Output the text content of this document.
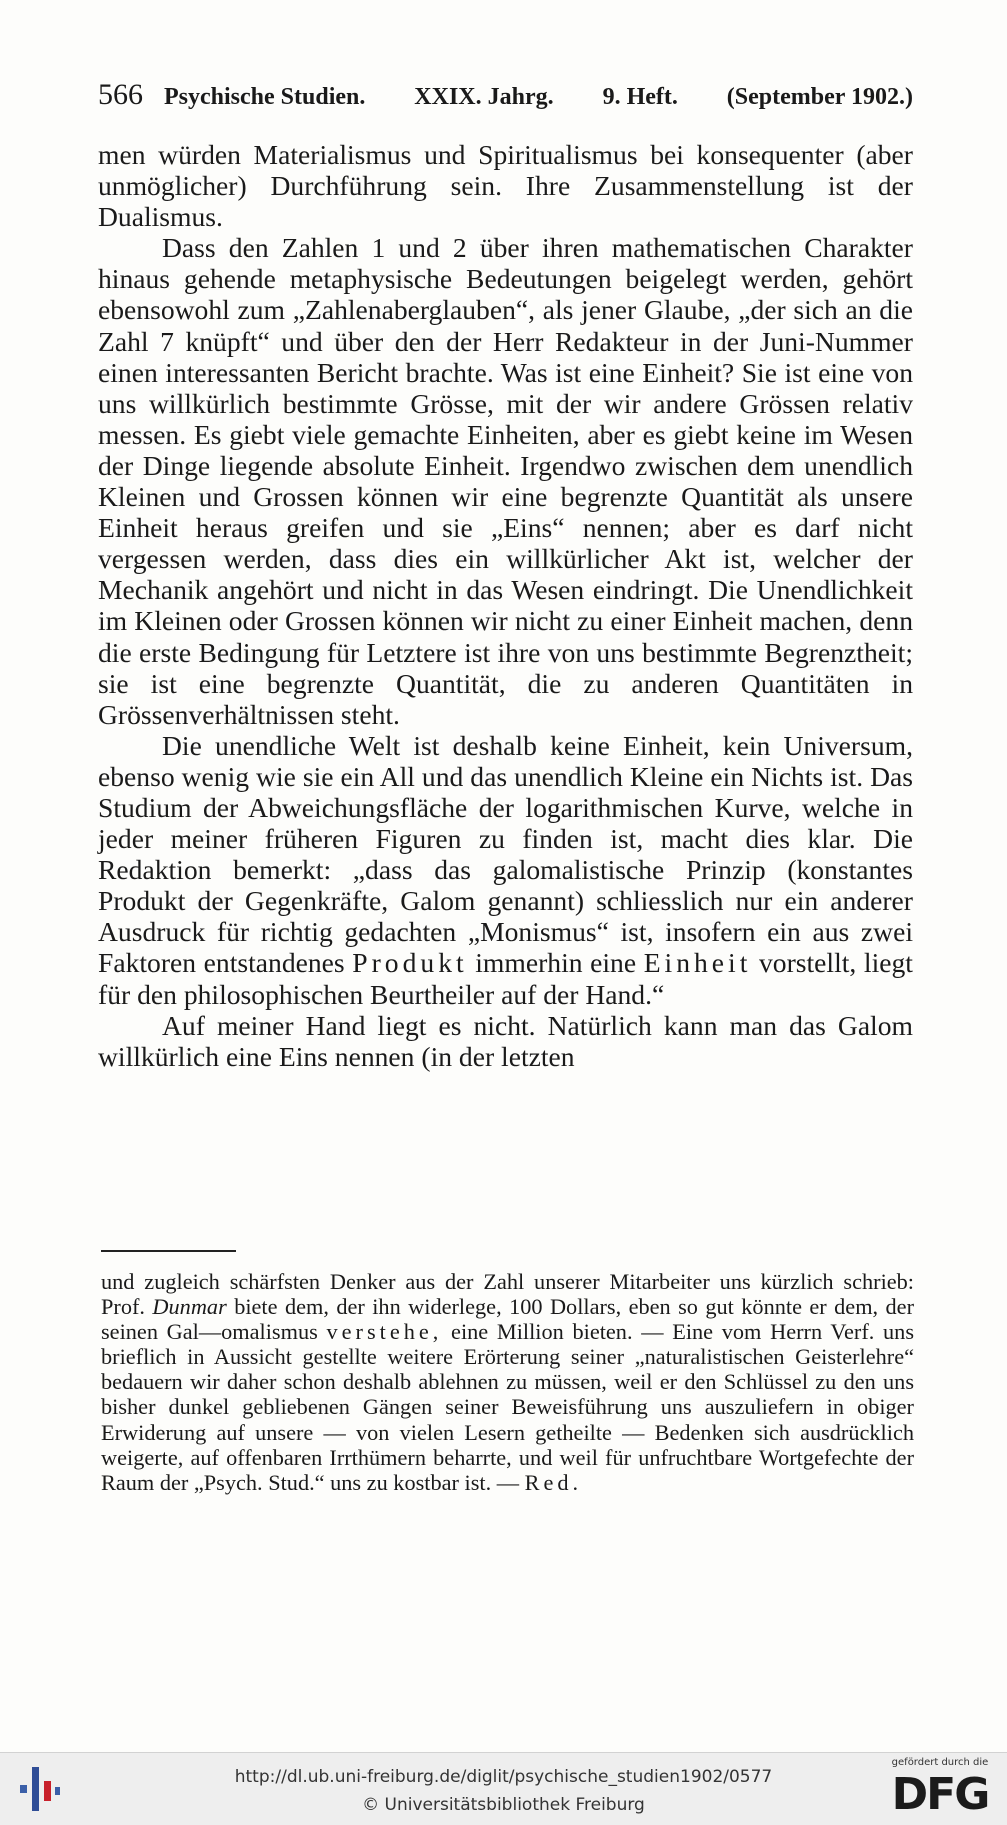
566 Psychische Studien. XXIX. Jahrg. 9. Heft. (September 1902.)

men würden Materialismus und Spiritualismus bei konsequenter (aber unmöglicher) Durchführung sein. Ihre Zusammenstellung ist der Dualismus.

Dass den Zahlen 1 und 2 über ihren mathematischen Charakter hinaus gehende metaphysische Bedeutungen beigelegt werden, gehört ebensowohl zum „Zahlenaberglauben“, als jener Glaube, „der sich an die Zahl 7 knüpft“ und über den der Herr Redakteur in der Juni-Nummer einen interessanten Bericht brachte. Was ist eine Einheit? Sie ist eine von uns willkürlich bestimmte Grösse, mit der wir andere Grössen relativ messen. Es giebt viele gemachte Einheiten, aber es giebt keine im Wesen der Dinge liegende absolute Einheit. Irgendwo zwischen dem unendlich Kleinen und Grossen können wir eine begrenzte Quantität als unsere Einheit heraus greifen und sie „Eins“ nennen; aber es darf nicht vergessen werden, dass dies ein willkürlicher Akt ist, welcher der Mechanik angehört und nicht in das Wesen eindringt. Die Unendlichkeit im Kleinen oder Grossen können wir nicht zu einer Einheit machen, denn die erste Bedingung für Letztere ist ihre von uns bestimmte Begrenztheit; sie ist eine begrenzte Quantität, die zu anderen Quantitäten in Grössenverhältnissen steht.

Die unendliche Welt ist deshalb keine Einheit, kein Universum, ebenso wenig wie sie ein All und das unendlich Kleine ein Nichts ist. Das Studium der Abweichungsfläche der logarithmischen Kurve, welche in jeder meiner früheren Figuren zu finden ist, macht dies klar. Die Redaktion bemerkt: „dass das galomalistische Prinzip (konstantes Produkt der Gegenkräfte, Galom genannt) schliesslich nur ein anderer Ausdruck für richtig gedachten „Monismus“ ist, insofern ein aus zwei Faktoren entstandenes Produkt immerhin eine Einheit vorstellt, liegt für den philosophischen Beurtheiler auf der Hand.“

Auf meiner Hand liegt es nicht. Natürlich kann man das Galom willkürlich eine Eins nennen (in der letzten

und zugleich schärfsten Denker aus der Zahl unserer Mitarbeiter uns kürzlich schrieb: Prof. Dunmar biete dem, der ihn widerlege, 100 Dollars, eben so gut könnte er dem, der seinen Gal—omalismus verstehe, eine Million bieten. — Eine vom Herrn Verf. uns brieflich in Aussicht gestellte weitere Erörterung seiner „naturalistischen Geisterlehre“ bedauern wir daher schon deshalb ablehnen zu müssen, weil er den Schlüssel zu den uns bisher dunkel gebliebenen Gängen seiner Beweisführung uns auszuliefern in obiger Erwiderung auf unsere — von vielen Lesern getheilte — Bedenken sich ausdrücklich weigerte, auf offenbaren Irrthümern beharrte, und weil für unfruchtbare Wortgefechte der Raum der „Psych. Stud.“ uns zu kostbar ist. — Red.

http://dl.ub.uni-freiburg.de/diglit/psychische_studien1902/0577
© Universitätsbibliothek Freiburg
gefördert durch die
DFG
